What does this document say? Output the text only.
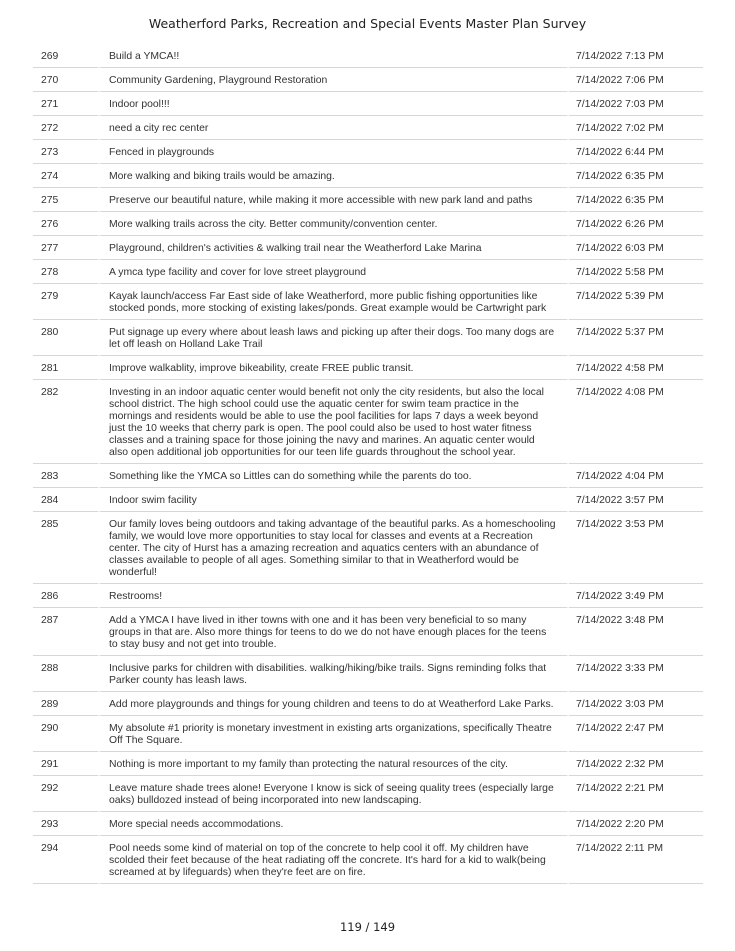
Weatherford Parks, Recreation and Special Events Master Plan Survey
269	Build a YMCA!!	7/14/2022 7:13 PM
270	Community Gardening, Playground Restoration	7/14/2022 7:06 PM
271	Indoor pool!!!	7/14/2022 7:03 PM
272	need a city rec center	7/14/2022 7:02 PM
273	Fenced in playgrounds	7/14/2022 6:44 PM
274	More walking and biking trails would be amazing.	7/14/2022 6:35 PM
275	Preserve our beautiful nature, while making it more accessible with new park land and paths	7/14/2022 6:35 PM
276	More walking trails across the city. Better community/convention center.	7/14/2022 6:26 PM
277	Playground, children's activities & walking trail near the Weatherford Lake Marina	7/14/2022 6:03 PM
278	A ymca type facility and cover for love street playground	7/14/2022 5:58 PM
279	Kayak launch/access Far East side of lake Weatherford, more public fishing opportunities like stocked ponds, more stocking of existing lakes/ponds. Great example would be Cartwright park	7/14/2022 5:39 PM
280	Put signage up every where about leash laws and picking up after their dogs. Too many dogs are let off leash on Holland Lake Trail	7/14/2022 5:37 PM
281	Improve walkablity, improve bikeability, create FREE public transit.	7/14/2022 4:58 PM
282	Investing in an indoor aquatic center would benefit not only the city residents, but also the local school district. The high school could use the aquatic center for swim team practice in the mornings and residents would be able to use the pool facilities for laps 7 days a week beyond just the 10 weeks that cherry park is open. The pool could also be used to host water fitness classes and a training space for those joining the navy and marines. An aquatic center would also open additional job opportunities for our teen life guards throughout the school year.	7/14/2022 4:08 PM
283	Something like the YMCA so Littles can do something while the parents do too.	7/14/2022 4:04 PM
284	Indoor swim facility	7/14/2022 3:57 PM
285	Our family loves being outdoors and taking advantage of the beautiful parks. As a homeschooling family, we would love more opportunities to stay local for classes and events at a Recreation center. The city of Hurst has a amazing recreation and aquatics centers with an abundance of classes available to people of all ages. Something similar to that in Weatherford would be wonderful!	7/14/2022 3:53 PM
286	Restrooms!	7/14/2022 3:49 PM
287	Add a YMCA I have lived in ither towns with one and it has been very beneficial to so many groups in that are. Also more things for teens to do we do not have enough places for the teens to stay busy and not get into trouble.	7/14/2022 3:48 PM
288	Inclusive parks for children with disabilities. walking/hiking/bike trails. Signs reminding folks that Parker county has leash laws.	7/14/2022 3:33 PM
289	Add more playgrounds and things for young children and teens to do at Weatherford Lake Parks.	7/14/2022 3:03 PM
290	My absolute #1 priority is monetary investment in existing arts organizations, specifically Theatre Off The Square.	7/14/2022 2:47 PM
291	Nothing is more important to my family than protecting the natural resources of the city.	7/14/2022 2:32 PM
292	Leave mature shade trees alone! Everyone I know is sick of seeing quality trees (especially large oaks) bulldozed instead of being incorporated into new landscaping.	7/14/2022 2:21 PM
293	More special needs accommodations.	7/14/2022 2:20 PM
294	Pool needs some kind of material on top of the concrete to help cool it off. My children have scolded their feet because of the heat radiating off the concrete. It's hard for a kid to walk(being screamed at by lifeguards) when they're feet are on fire.	7/14/2022 2:11 PM
119 / 149
